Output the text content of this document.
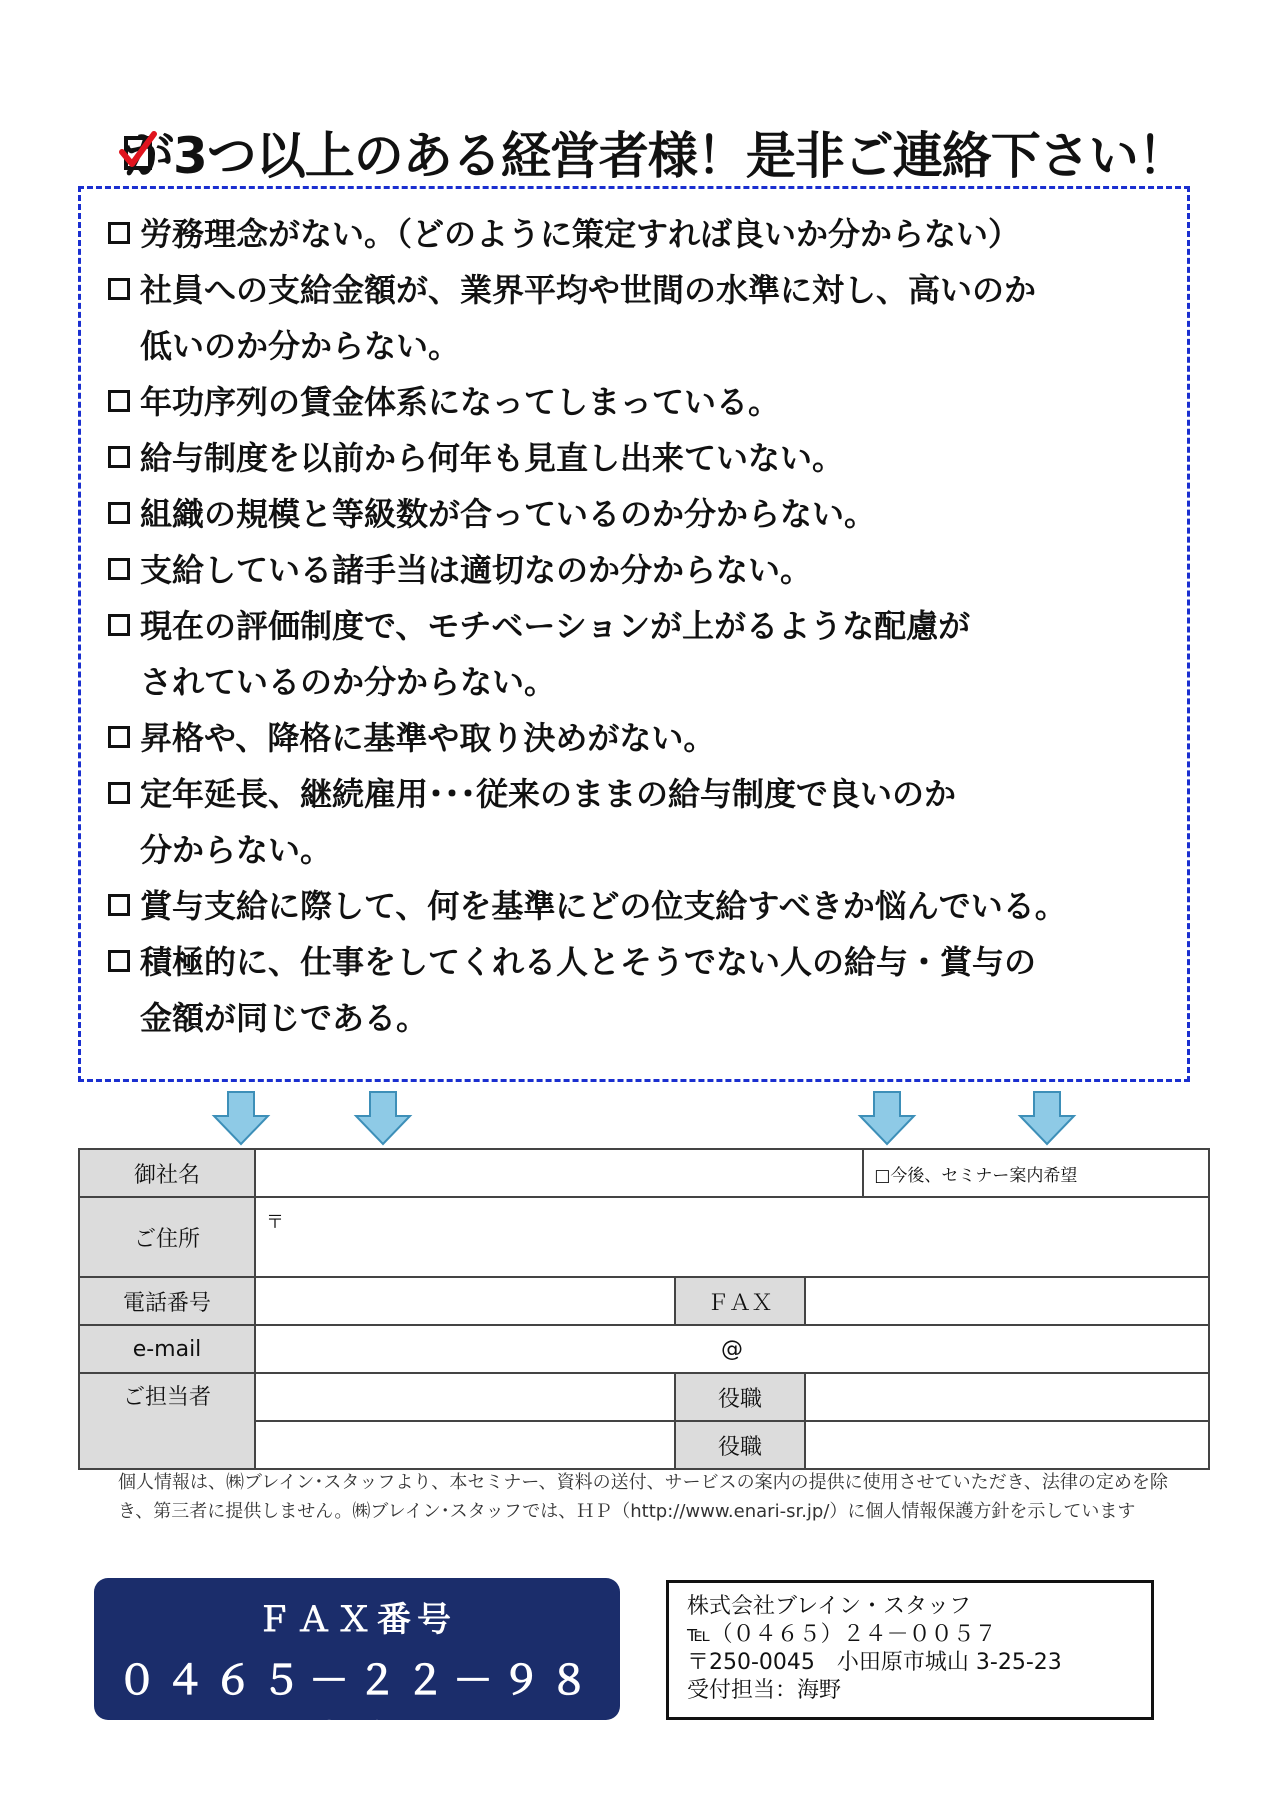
が3つ以上のある経営者様！是非ご連絡下さい！
労務理念がない。（どのように策定すれば良いか分からない）
社員への支給金額が、業界平均や世間の水準に対し、高いのか
低いのか分からない。
年功序列の賃金体系になってしまっている。
給与制度を以前から何年も見直し出来ていない。
組織の規模と等級数が合っているのか分からない。
支給している諸手当は適切なのか分からない。
現在の評価制度で、モチベーションが上がるような配慮が
されているのか分からない。
昇格や、降格に基準や取り決めがない。
定年延長、継続雇用･･･従来のままの給与制度で良いのか
分からない。
賞与支給に際して、何を基準にどの位支給すべきか悩んでいる。
積極的に、仕事をしてくれる人とそうでない人の給与・賞与の
金額が同じである。
御社名				□今後、セミナー案内希望
ご住所	〒			
電話番号		ＦＡＸ		
e-mail	@			
ご担当者		役職		
		役職		
個人情報は、㈱ブレイン･スタッフより、本セミナー、資料の送付、サービスの案内の提供に使用させていただき、法律の定めを除き、第三者に提供しません。㈱ブレイン･スタッフでは、ＨＰ（http://www.enari-sr.jp/）に個人情報保護方針を示しています
ＦＡＸ番号
０４６５－２２－９８８０
株式会社ブレイン・スタッフ
℡（０４６５）２４－００５７
〒250-0045　小田原市城山 3-25-23
受付担当：海野
